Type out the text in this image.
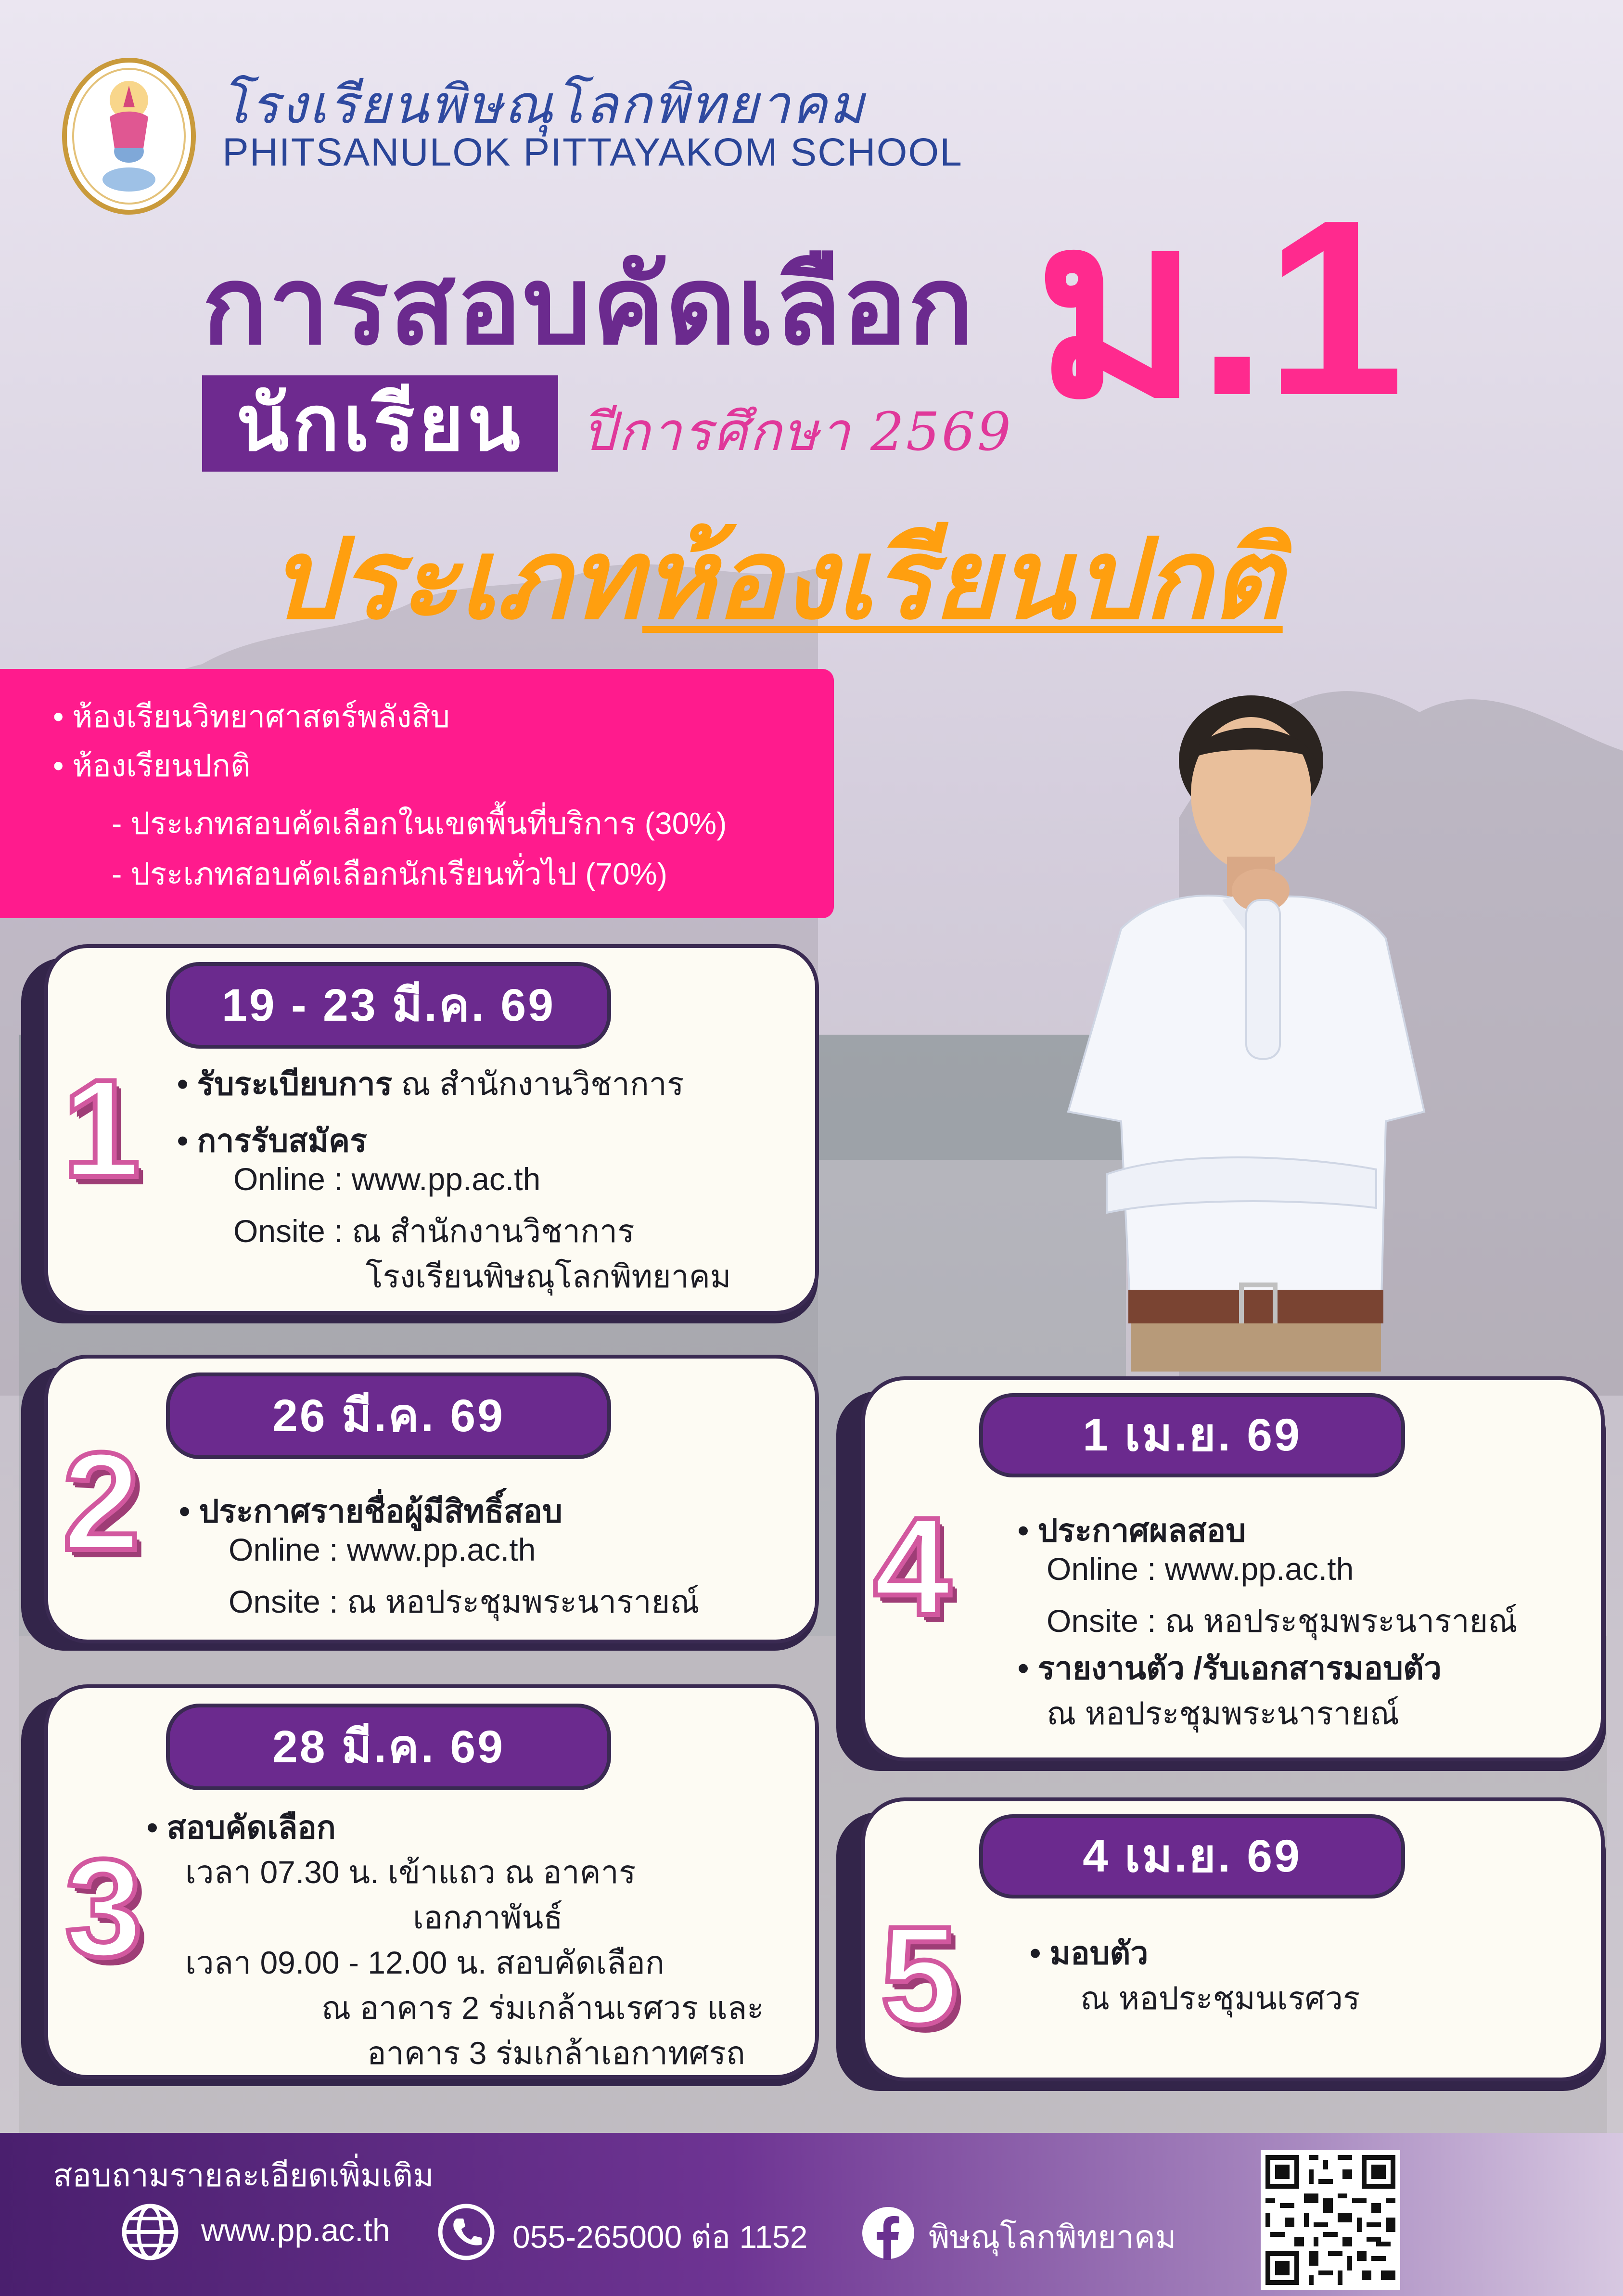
โรงเรียนพิษณุโลกพิทยาคม
PHITSANULOK PITTAYAKOM SCHOOL
การสอบคัดเลือก
นักเรียน	ปีการศึกษา 2569 ม.1
ประเภทห้องเรียนปกติ
• ห้องเรียนวิทยาศาสตร์พลังสิบ
• ห้องเรียนปกติ
- ประเภทสอบคัดเลือกในเขตพื้นที่บริการ (30%)
- ประเภทสอบคัดเลือกนักเรียนทั่วไป (70%)
19 - 23 มี.ค. 69
1 • รับระเบียบการ ณ สำนักงานวิชาการ
• การรับสมัคร
Online : www.pp.ac.th
Onsite : ณ สำนักงานวิชาการ
โรงเรียนพิษณุโลกพิทยาคม
26 มี.ค. 69
2 • ประกาศรายชื่อผู้มีสิทธิ์สอบ
Online : www.pp.ac.th
Onsite : ณ หอประชุมพระนารายณ์
28 มี.ค. 69
3
• สอบคัดเลือก
เวลา 07.30 น. เข้าแถว ณ อาคาร
เอกภาพันธ์
เวลา 09.00 - 12.00 น. สอบคัดเลือก
ณ อาคาร 2 ร่มเกล้านเรศวร และ
อาคาร 3 ร่มเกล้าเอกาทศรถ
1 เม.ย. 69
4 • ประกาศผลสอบ
Online : www.pp.ac.th
Onsite : ณ หอประชุมพระนารายณ์
• รายงานตัว /รับเอกสารมอบตัว
ณ หอประชุมพระนารายณ์
4 เม.ย. 69
5 • มอบตัว
ณ หอประชุมนเรศวร
สอบถามรายละเอียดเพิ่มเติม
www.pp.ac.th	055-265000 ต่อ 1152	พิษณุโลกพิทยาคม
